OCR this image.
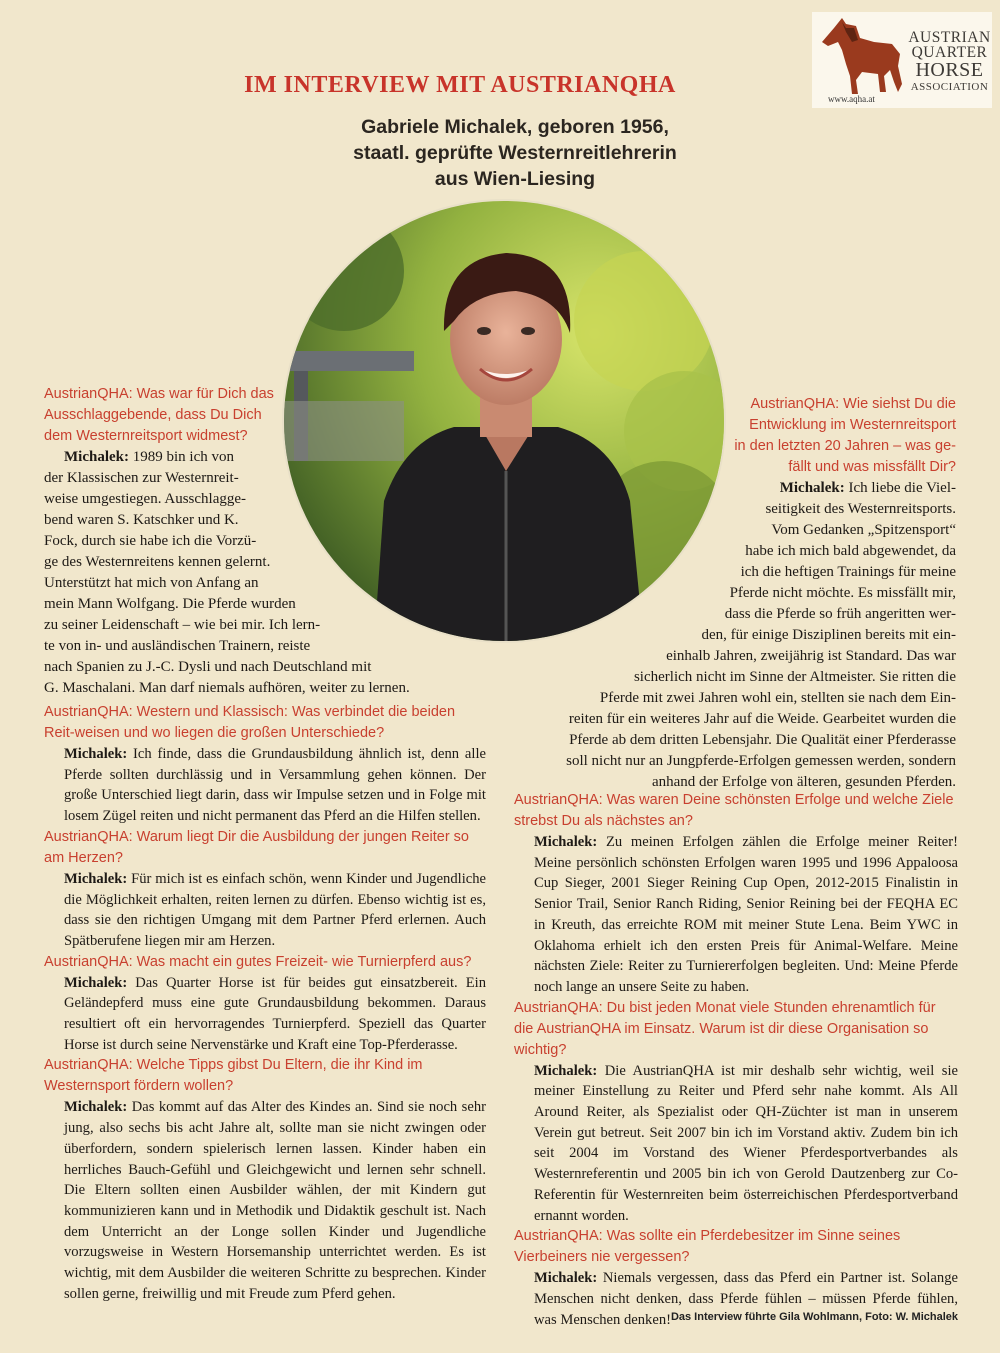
IM INTERVIEW MIT AUSTRIANQHA
Gabriele Michalek, geboren 1956,
staatl. geprüfte Westernreitlehrerin
aus Wien-Liesing
AUSTRIAN
QUARTER
HORSE
ASSOCIATION
www.aqha.at
AustrianQHA: Was war für Dich das
Ausschlaggebende, dass Du Dich
dem Westernreitsport widmest?
Michalek: 1989 bin ich von
der Klassischen zur Westernreit-
weise umgestiegen. Ausschlagge-
bend waren S. Katschker und K.
Fock, durch sie habe ich die Vorzü-
ge des Westernreitens kennen gelernt.
Unterstützt hat mich von Anfang an
mein Mann Wolfgang. Die Pferde wurden
zu seiner Leidenschaft – wie bei mir. Ich lern-
te von in- und ausländischen Trainern, reiste
nach Spanien zu J.-C. Dysli und nach Deutschland mit
G. Maschalani. Man darf niemals aufhören, weiter zu lernen.
AustrianQHA: Wie siehst Du die
Entwicklung im Westernreitsport
in den letzten 20 Jahren – was ge-
fällt und was missfällt Dir?
Michalek: Ich liebe die Viel-
seitigkeit des Westernreitsports.
Vom Gedanken „Spitzensport“
habe ich mich bald abgewendet, da
ich die heftigen Trainings für meine
Pferde nicht möchte. Es missfällt mir,
dass die Pferde so früh angeritten wer-
den, für einige Disziplinen bereits mit ein-
einhalb Jahren, zweijährig ist Standard. Das war
sicherlich nicht im Sinne der Altmeister. Sie ritten die
Pferde mit zwei Jahren wohl ein, stellten sie nach dem Ein-
reiten für ein weiteres Jahr auf die Weide. Gearbeitet wurden die
Pferde ab dem dritten Lebensjahr. Die Qualität einer Pferderasse
soll nicht nur an Jungpferde-Erfolgen gemessen werden, sondern
anhand der Erfolge von älteren, gesunden Pferden.
AustrianQHA: Western und Klassisch: Was verbindet die beiden Reit-weisen und wo liegen die großen Unterschiede?
Michalek: Ich finde, dass die Grundausbildung ähnlich ist, denn alle Pferde sollten durchlässig und in Versammlung gehen können. Der große Unterschied liegt darin, dass wir Impulse setzen und in Folge mit losem Zügel reiten und nicht permanent das Pferd an die Hilfen stellen.
AustrianQHA: Warum liegt Dir die Ausbildung der jungen Reiter so am Herzen?
Michalek: Für mich ist es einfach schön, wenn Kinder und Jugendliche die Möglichkeit erhalten, reiten lernen zu dürfen. Ebenso wichtig ist es, dass sie den richtigen Umgang mit dem Partner Pferd erlernen. Auch Spätberufene liegen mir am Herzen.
AustrianQHA: Was macht ein gutes Freizeit- wie Turnierpferd aus?
Michalek: Das Quarter Horse ist für beides gut einsatzbereit. Ein Geländepferd muss eine gute Grundausbildung bekommen. Daraus resultiert oft ein hervorragendes Turnierpferd. Speziell das Quarter Horse ist durch seine Nervenstärke und Kraft eine Top-Pferderasse.
AustrianQHA: Welche Tipps gibst Du Eltern, die ihr Kind im Westernsport fördern wollen?
Michalek: Das kommt auf das Alter des Kindes an. Sind sie noch sehr jung, also sechs bis acht Jahre alt, sollte man sie nicht zwingen oder überfordern, sondern spielerisch lernen lassen. Kinder haben ein herrliches Bauch-Gefühl und Gleichgewicht und lernen sehr schnell. Die Eltern sollten einen Ausbilder wählen, der mit Kindern gut kommunizieren kann und in Methodik und Didaktik geschult ist. Nach dem Unterricht an der Longe sollen Kinder und Jugendliche vorzugsweise in Western Horsemanship unterrichtet werden. Es ist wichtig, mit dem Ausbilder die weiteren Schritte zu besprechen. Kinder sollen gerne, freiwillig und mit Freude zum Pferd gehen.
AustrianQHA: Was waren Deine schönsten Erfolge und welche Ziele strebst Du als nächstes an?
Michalek: Zu meinen Erfolgen zählen die Erfolge meiner Reiter! Meine persönlich schönsten Erfolgen waren 1995 und 1996 Appaloosa Cup Sieger, 2001 Sieger Reining Cup Open, 2012-2015 Finalistin in Senior Trail, Senior Ranch Riding, Senior Reining bei der FEQHA EC in Kreuth, das erreichte ROM mit meiner Stute Lena. Beim YWC in Oklahoma erhielt ich den ersten Preis für Animal-Welfare. Meine nächsten Ziele: Reiter zu Turniererfolgen begleiten. Und: Meine Pferde noch lange an unsere Seite zu haben.
AustrianQHA: Du bist jeden Monat viele Stunden ehrenamtlich für die AustrianQHA im Einsatz. Warum ist dir diese Organisation so wichtig?
Michalek: Die AustrianQHA ist mir deshalb sehr wichtig, weil sie meiner Einstellung zu Reiter und Pferd sehr nahe kommt. Als All Around Reiter, als Spezialist oder QH-Züchter ist man in unserem Verein gut betreut. Seit 2007 bin ich im Vorstand aktiv. Zudem bin ich seit 2004 im Vorstand des Wiener Pferdesportverbandes als Westernreferentin und 2005 bin ich von Gerold Dautzenberg zur Co-Referentin für Westernreiten beim österreichischen Pferdesportverband ernannt worden.
AustrianQHA: Was sollte ein Pferdebesitzer im Sinne seines Vierbeiners nie vergessen?
Michalek: Niemals vergessen, dass das Pferd ein Partner ist. Solange Menschen nicht denken, dass Pferde fühlen – müssen Pferde fühlen, was Menschen denken! Das Interview führte Gila Wohlmann, Foto: W. Michalek
